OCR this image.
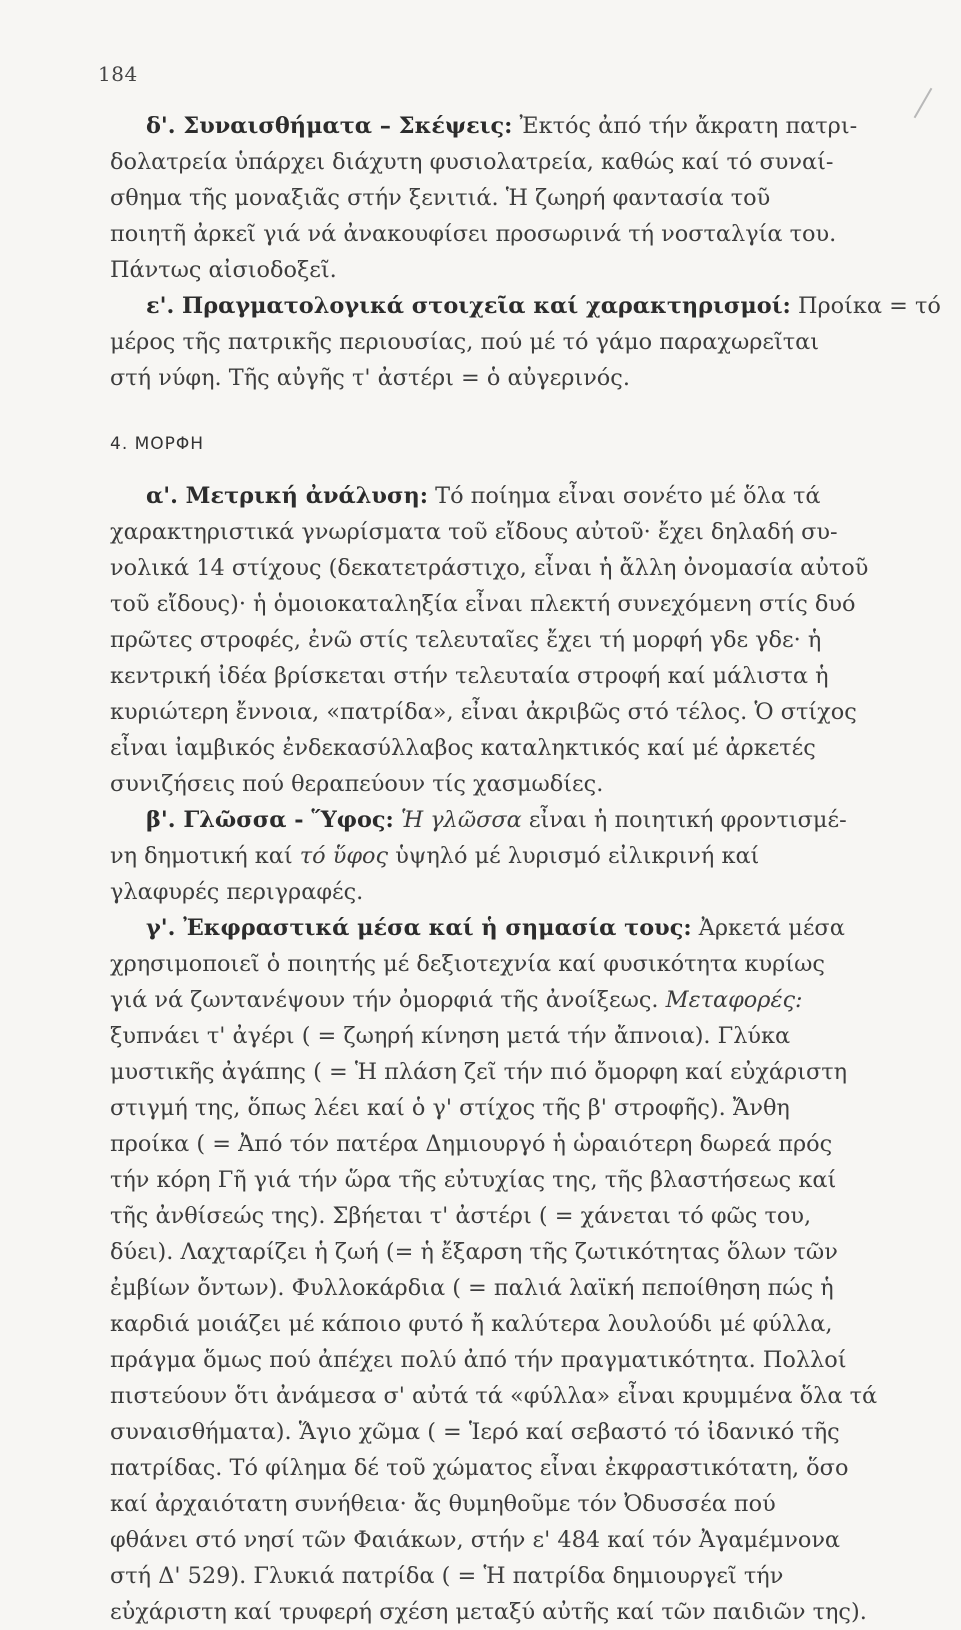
184
δ'. Συναισθήματα – Σκέψεις: Ἐκτός ἀπό τήν ἄκρατη πατρι-
δολατρεία ὑπάρχει διάχυτη φυσιολατρεία, καθώς καί τό συναί-
σθημα τῆς μοναξιᾶς στήν ξενιτιά. Ἡ ζωηρή φαντασία τοῦ
ποιητῆ ἀρκεῖ γιά νά ἀνακουφίσει προσωρινά τή νοσταλγία του.
Πάντως αἰσιοδοξεῖ.
ε'. Πραγματολογικά στοιχεῖα καί χαρακτηρισμοί: Προίκα = τό
μέρος τῆς πατρικῆς περιουσίας, πού μέ τό γάμο παραχωρεῖται
στή νύφη. Τῆς αὐγῆς τ' ἀστέρι = ὁ αὐγερινός.
4. ΜΟΡΦΗ
α'. Μετρική ἀνάλυση: Τό ποίημα εἶναι σονέτο μέ ὅλα τά
χαρακτηριστικά γνωρίσματα τοῦ εἴδους αὐτοῦ· ἔχει δηλαδή συ-
νολικά 14 στίχους (δεκατετράστιχο, εἶναι ἡ ἄλλη ὀνομασία αὐτοῦ
τοῦ εἴδους)· ἡ ὁμοιοκαταληξία εἶναι πλεκτή συνεχόμενη στίς δυό
πρῶτες στροφές, ἐνῶ στίς τελευταῖες ἔχει τή μορφή γδε γδε· ἡ
κεντρική ἰδέα βρίσκεται στήν τελευταία στροφή καί μάλιστα ἡ
κυριώτερη ἔννοια, «πατρίδα», εἶναι ἀκριβῶς στό τέλος. Ὁ στίχος
εἶναι ἰαμβικός ἐνδεκασύλλαβος καταληκτικός καί μέ ἀρκετές
συνιζήσεις πού θεραπεύουν τίς χασμωδίες.
β'. Γλῶσσα - Ὕφος: Ἡ γλῶσσα εἶναι ἡ ποιητική φροντισμέ-
νη δημοτική καί τό ὕφος ὑψηλό μέ λυρισμό εἰλικρινή καί
γλαφυρές περιγραφές.
γ'. Ἐκφραστικά μέσα καί ἡ σημασία τους: Ἀρκετά μέσα
χρησιμοποιεῖ ὁ ποιητής μέ δεξιοτεχνία καί φυσικότητα κυρίως
γιά νά ζωντανέψουν τήν ὀμορφιά τῆς ἀνοίξεως. Μεταφορές:
ξυπνάει τ' ἀγέρι ( = ζωηρή κίνηση μετά τήν ἄπνοια). Γλύκα
μυστικῆς ἀγάπης ( = Ἡ πλάση ζεῖ τήν πιό ὄμορφη καί εὐχάριστη
στιγμή της, ὅπως λέει καί ὁ γ' στίχος τῆς β' στροφῆς). Ἄνθη
προίκα ( = Ἀπό τόν πατέρα Δημιουργό ἡ ὡραιότερη δωρεά πρός
τήν κόρη Γῆ γιά τήν ὥρα τῆς εὐτυχίας της, τῆς βλαστήσεως καί
τῆς ἀνθίσεώς της). Σβήεται τ' ἀστέρι ( = χάνεται τό φῶς του,
δύει). Λαχταρίζει ἡ ζωή (= ἡ ἔξαρση τῆς ζωτικότητας ὅλων τῶν
ἐμβίων ὄντων). Φυλλοκάρδια ( = παλιά λαϊκή πεποίθηση πώς ἡ
καρδιά μοιάζει μέ κάποιο φυτό ἤ καλύτερα λουλούδι μέ φύλλα,
πράγμα ὅμως πού ἀπέχει πολύ ἀπό τήν πραγματικότητα. Πολλοί
πιστεύουν ὅτι ἀνάμεσα σ' αὐτά τά «φύλλα» εἶναι κρυμμένα ὅλα τά
συναισθήματα). Ἅγιο χῶμα ( = Ἱερό καί σεβαστό τό ἰδανικό τῆς
πατρίδας. Τό φίλημα δέ τοῦ χώματος εἶναι ἐκφραστικότατη, ὅσο
καί ἀρχαιότατη συνήθεια· ἄς θυμηθοῦμε τόν Ὀδυσσέα πού
φθάνει στό νησί τῶν Φαιάκων, στήν ε' 484 καί τόν Ἀγαμέμνονα
στή Δ' 529). Γλυκιά πατρίδα ( = Ἡ πατρίδα δημιουργεῖ τήν
εὐχάριστη καί τρυφερή σχέση μεταξύ αὐτῆς καί τῶν παιδιῶν της).
